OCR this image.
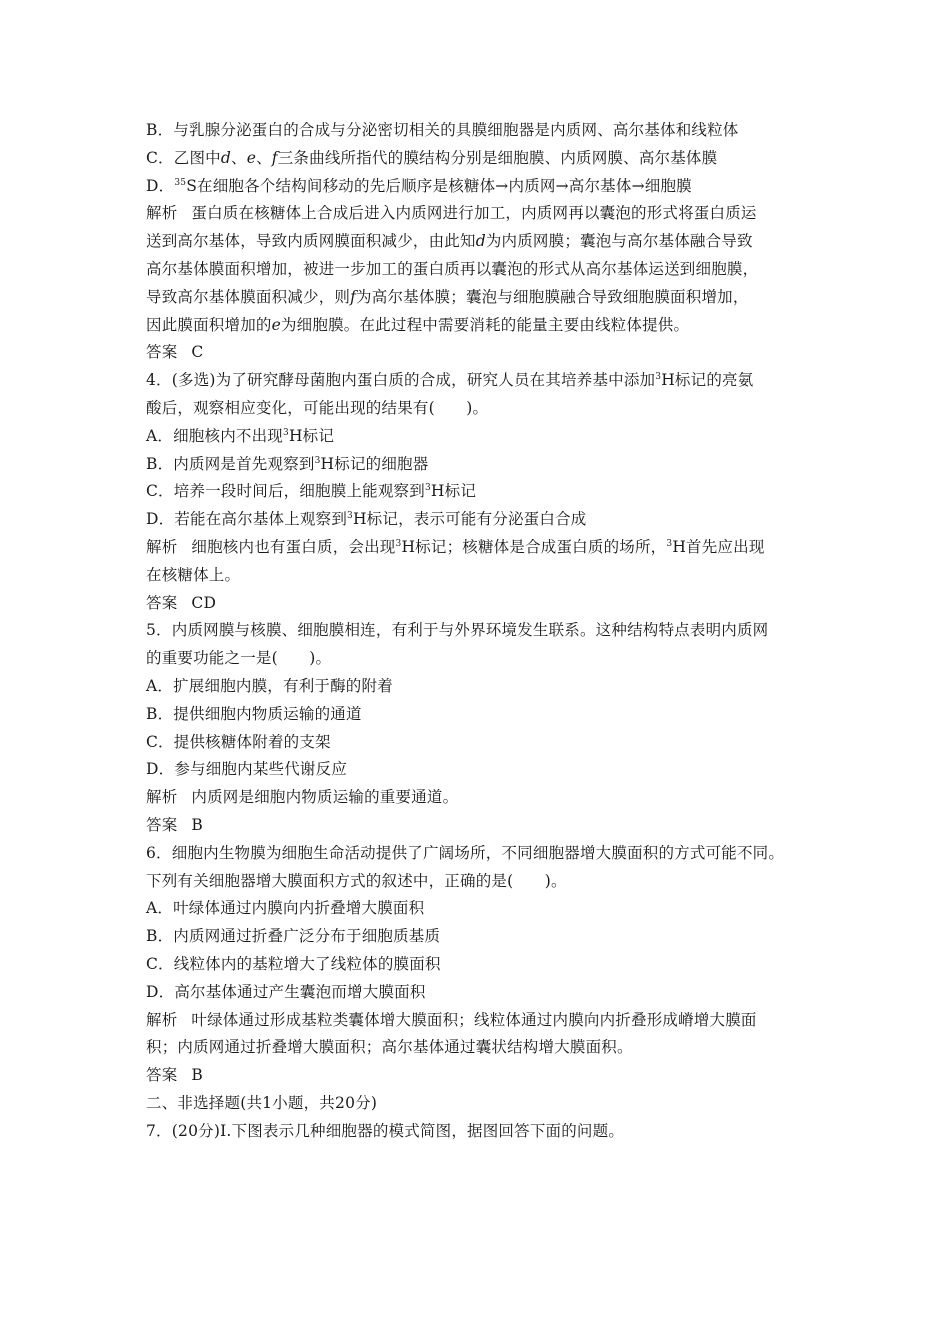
B．与乳腺分泌蛋白的合成与分泌密切相关的具膜细胞器是内质网、高尔基体和线粒体
C．乙图中d、e、f三条曲线所指代的膜结构分别是细胞膜、内质网膜、高尔基体膜
D．$^{35}$S在细胞各个结构间移动的先后顺序是核糖体→内质网→高尔基体→细胞膜
解析 蛋白质在核糖体上合成后进入内质网进行加工，内质网再以囊泡的形式将蛋白质运
送到高尔基体，导致内质网膜面积减少，由此知d为内质网膜；囊泡与高尔基体融合导致
高尔基体膜面积增加，被进一步加工的蛋白质再以囊泡的形式从高尔基体运送到细胞膜，
导致高尔基体膜面积减少，则f为高尔基体膜；囊泡与细胞膜融合导致细胞膜面积增加，
因此膜面积增加的e为细胞膜。在此过程中需要消耗的能量主要由线粒体提供。
答案 C
4．(多选)为了研究酵母菌胞内蛋白质的合成，研究人员在其培养基中添加$^3$H标记的亮氨
酸后，观察相应变化，可能出现的结果有(　　)。
A．细胞核内不出现$^3$H标记
B．内质网是首先观察到$^3$H标记的细胞器
C．培养一段时间后，细胞膜上能观察到$^3$H标记
D．若能在高尔基体上观察到$^3$H标记，表示可能有分泌蛋白合成
解析 细胞核内也有蛋白质，会出现$^3$H标记；核糖体是合成蛋白质的场所，$^3$H首先应出现
在核糖体上。
答案 CD
5．内质网膜与核膜、细胞膜相连，有利于与外界环境发生联系。这种结构特点表明内质网
的重要功能之一是(　　)。
A．扩展细胞内膜，有利于酶的附着
B．提供细胞内物质运输的通道
C．提供核糖体附着的支架
D．参与细胞内某些代谢反应
解析 内质网是细胞内物质运输的重要通道。
答案 B
6．细胞内生物膜为细胞生命活动提供了广阔场所，不同细胞器增大膜面积的方式可能不同。
下列有关细胞器增大膜面积方式的叙述中，正确的是(　　)。
A．叶绿体通过内膜向内折叠增大膜面积
B．内质网通过折叠广泛分布于细胞质基质
C．线粒体内的基粒增大了线粒体的膜面积
D．高尔基体通过产生囊泡而增大膜面积
解析 叶绿体通过形成基粒类囊体增大膜面积；线粒体通过内膜向内折叠形成嵴增大膜面
积；内质网通过折叠增大膜面积；高尔基体通过囊状结构增大膜面积。
答案 B
二、非选择题(共1小题，共20分)
7．(20分)Ⅰ.下图表示几种细胞器的模式简图，据图回答下面的问题。
